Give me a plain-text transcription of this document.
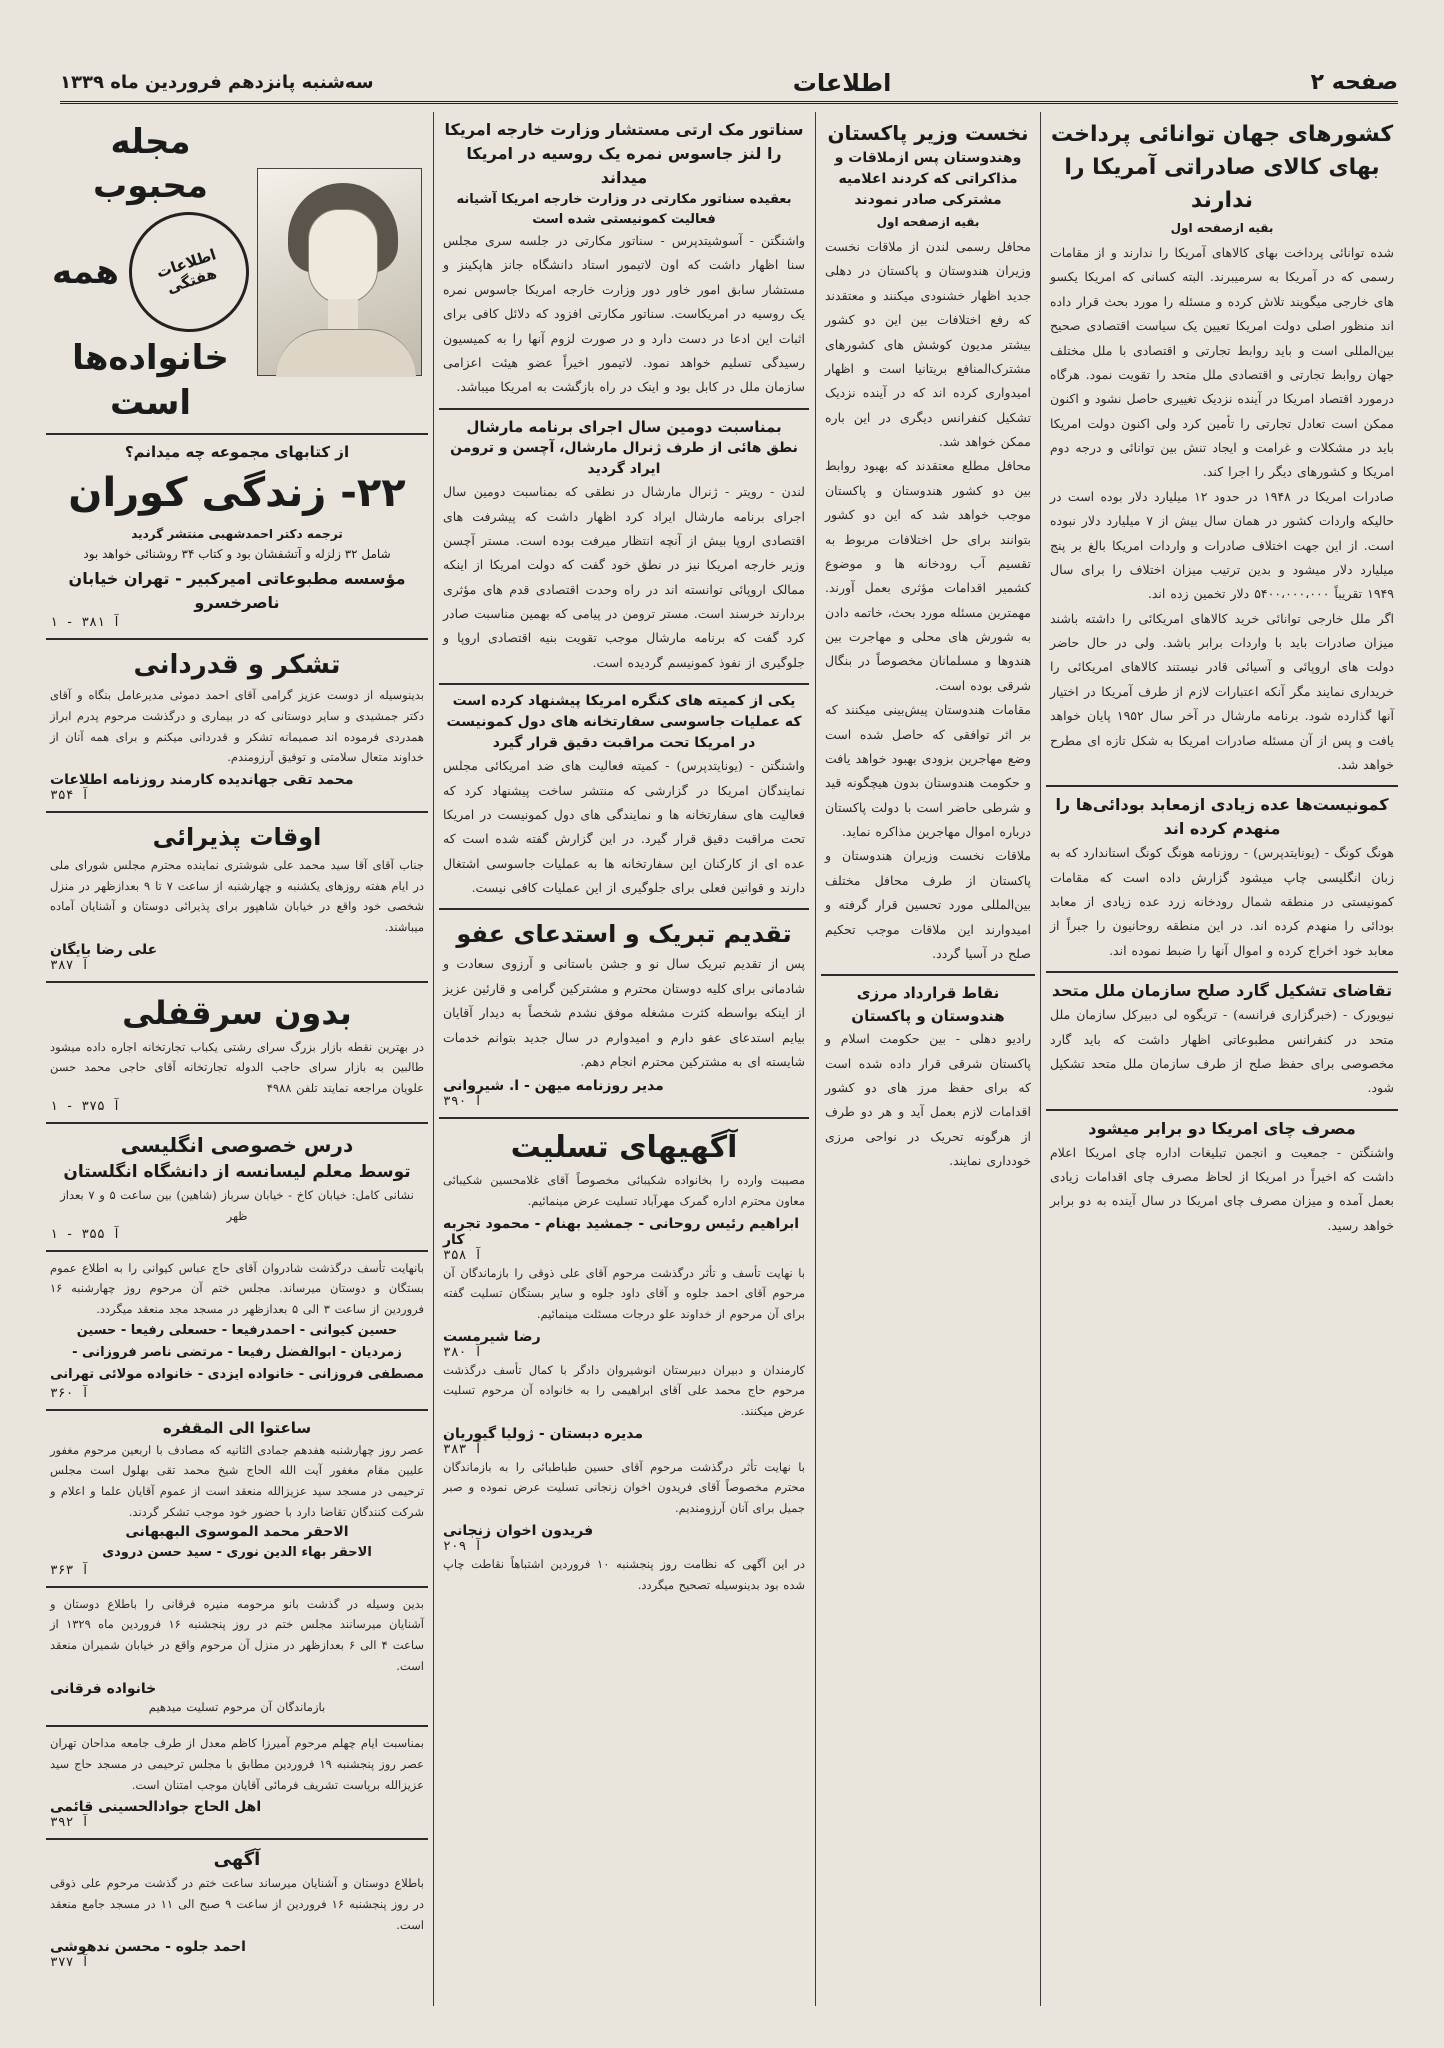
صفحه ۲
اطلاعات
سه‌شنبه پانزدهم فروردین ماه ۱۳۳۹
کشورهای جهان توانائی پرداخت بهای کالای صادراتی آمریکا را ندارند
بقیه ازصفحه اول

شده توانائی پرداخت بهای کالاهای آمریکا را ندارند و از مقامات رسمی که در آمریکا به ‌سرمیبرند. البته کسانی که امریکا یکسو های خارجی میگویند تلاش کرده و مسئله را مورد بحث قرار داده اند منظور اصلی دولت امریکا تعیین یک سیاست اقتصادی صحیح بین‌المللی است و باید روابط تجارتی و اقتصادی با ملل مختلف جهان روابط تجارتی و اقتصادی ملل متحد را تقویت نمود. هرگاه درمورد اقتصاد امریکا در آینده نزدیک تغییری حاصل نشود و اکنون ممکن است تعادل تجارتی را تأمین کرد ولی اکنون دولت امریکا باید در مشکلات و غرامت و ایجاد تنش بین توانائی و درجه دوم امریکا و کشورهای دیگر را اجرا کند.

صادرات امریکا در ۱۹۴۸ در حدود ۱۲ میلیارد دلار بوده است در حالیکه واردات کشور در همان سال بیش از ۷ میلیارد دلار نبوده است. از این جهت اختلاف صادرات و واردات امریکا بالغ بر پنج میلیارد دلار میشود و بدین ترتیب میزان اختلاف را برای سال ۱۹۴۹ تقریباً ۵۴۰۰،۰۰۰،۰۰۰ دلار تخمین زده اند.

اگر ملل خارجی توانائی خرید کالاهای امریکائی را داشته باشند میزان صادرات باید با واردات برابر باشد. ولی در حال حاضر دولت های اروپائی و آسیائی قادر نیستند کالاهای امریکائی را خریداری نمایند مگر آنکه اعتبارات لازم از طرف آمریکا در اختیار آنها گذارده شود. برنامه مارشال در آخر سال ۱۹۵۲ پایان خواهد یافت و پس از آن مسئله صادرات امریکا به شکل تازه ای مطرح خواهد شد.

کمونیست‌ها عده زیادی ازمعابد بودائی‌ها را منهدم کرده اند

هونگ کونگ - (یونایتدپرس) - روزنامه هونگ کونگ استاندارد که به زبان انگلیسی چاپ میشود گزارش داده است که مقامات کمونیستی در منطقه شمال رودخانه زرد عده زیادی از معابد بودائی را منهدم کرده اند. در این منطقه روحانیون را جبراً از معابد خود اخراج کرده و اموال آنها را ضبط نموده اند.

تقاضای تشکیل گارد صلح سازمان ملل متحد

نیویورک - (خبرگزاری فرانسه) - تریگوه لی دبیرکل سازمان ملل متحد در کنفرانس مطبوعاتی اظهار داشت که باید گارد مخصوصی برای حفظ صلح از طرف سازمان ملل متحد تشکیل شود.

مصرف چای امریکا دو برابر میشود

واشنگتن - جمعیت و انجمن تبلیغات اداره چای امریکا اعلام داشت که اخیراً در امریکا از لحاظ مصرف چای اقدامات زیادی بعمل آمده و میزان مصرف چای امریکا در سال آینده به دو برابر خواهد رسید.

نخست وزیر پاکستان
وهندوستان پس ازملاقات و مذاکراتی که کردند اعلامیه مشترکی صادر نمودند
بقیه ازصفحه اول

محافل رسمی لندن از ملاقات نخست وزیران هندوستان و پاکستان در دهلی جدید اظهار خشنودی میکنند و معتقدند که رفع اختلافات بین این دو کشور بیشتر مدیون کوشش های کشورهای مشترک‌المنافع بریتانیا است و اظهار امیدواری کرده اند که در آینده نزدیک تشکیل کنفرانس دیگری در این باره ممکن خواهد شد.

محافل مطلع معتقدند که بهبود روابط بین دو کشور هندوستان و پاکستان موجب خواهد شد که این دو کشور بتوانند برای حل اختلافات مربوط به تقسیم آب رودخانه ها و موضوع کشمیر اقدامات مؤثری بعمل آورند. مهمترین مسئله مورد بحث، خاتمه دادن به شورش های محلی و مهاجرت بین هندوها و مسلمانان مخصوصاً در بنگال شرقی بوده است.

مقامات هندوستان پیش‌بینی میکنند که بر اثر توافقی که حاصل شده است وضع مهاجرین بزودی بهبود خواهد یافت و حکومت هندوستان بدون هیچگونه قید و شرطی حاضر است با دولت پاکستان درباره اموال مهاجرین مذاکره نماید.

ملاقات نخست وزیران هندوستان و پاکستان از طرف محافل مختلف بین‌المللی مورد تحسین قرار گرفته و امیدوارند این ملاقات موجب تحکیم صلح در آسیا گردد.

نقاط قرارداد مرزی هندوستان و پاکستان

رادیو دهلی - بین حکومت اسلام و پاکستان شرقی قرار داده شده است که برای حفظ مرز های دو کشور اقدامات لازم بعمل آید و هر دو طرف از هرگونه تحریک در نواحی مرزی خودداری نمایند.

سناتور مک ارتی مستشار وزارت خارجه امریکا را لنز جاسوس نمره یک روسیه در امریکا میداند
بعقیده سناتور مکارتی در وزارت خارجه امریکا آشیانه فعالیت کمونیستی شده است

واشنگتن - آسوشیتدپرس - سناتور مکارتی در جلسه سری مجلس سنا اظهار داشت که اون لاتیمور استاد دانشگاه جانز هاپکینز و مستشار سابق امور خاور دور وزارت خارجه امریکا جاسوس نمره یک روسیه در امریکاست. سناتور مکارتی افزود که دلائل کافی برای اثبات این ادعا در دست دارد و در صورت لزوم آنها را به کمیسیون رسیدگی تسلیم خواهد نمود. لاتیمور اخیراً عضو هیئت اعزامی سازمان ملل در کابل بود و اینک در راه بازگشت به امریکا میباشد.

بمناسبت دومین سال اجرای برنامه مارشال
نطق هائی از طرف ژنرال مارشال، آچسن و ترومن ایراد گردید

لندن - رویتر - ژنرال مارشال در نطقی که بمناسبت دومین سال اجرای برنامه مارشال ایراد کرد اظهار داشت که پیشرفت های اقتصادی اروپا بیش از آنچه انتظار میرفت بوده است. مستر آچسن وزیر خارجه امریکا نیز در نطق خود گفت که دولت امریکا از اینکه ممالک اروپائی توانسته اند در راه وحدت اقتصادی قدم های مؤثری بردارند خرسند است. مستر ترومن در پیامی که بهمین مناسبت صادر کرد گفت که برنامه مارشال موجب تقویت بنیه اقتصادی اروپا و جلوگیری از نفوذ کمونیسم گردیده است.

یکی از کمیته های کنگره امریکا پیشنهاد کرده است که عملیات جاسوسی سفارتخانه های دول کمونیست در امریکا تحت مراقبت دقیق قرار گیرد

واشنگتن - (یونایتدپرس) - کمیته فعالیت های ضد امریکائی مجلس نمایندگان امریکا در گزارشی که منتشر ساخت پیشنهاد کرد که فعالیت های سفارتخانه ها و نمایندگی های دول کمونیست در امریکا تحت مراقبت دقیق قرار گیرد. در این گزارش گفته شده است که عده ای از کارکنان این سفارتخانه ها به عملیات جاسوسی اشتغال دارند و قوانین فعلی برای جلوگیری از این عملیات کافی نیست.

تقدیم تبریک و استدعای عفو

پس از تقدیم تبریک سال نو و جشن باستانی و آرزوی سعادت و شادمانی برای کلیه دوستان محترم و مشترکین گرامی و قارئین عزیز از اینکه بواسطه کثرت مشغله موفق نشدم شخصاً به دیدار آقایان بیایم استدعای عفو دارم و امیدوارم در سال جدید بتوانم خدمات شایسته ای به مشترکین محترم انجام دهم.

مدیر روزنامه میهن - ا. شیروانی
آ ۳۹۰
آگهیهای تسلیت

مصیبت وارده را بخانواده شکیبائی مخصوصاً آقای غلامحسین شکیبائی معاون محترم اداره گمرک مهرآباد تسلیت عرض مینمائیم.

ابراهیم رئیس روحانی - جمشید بهنام - محمود تجربه کار
آ ۳۵۸

با نهایت تأسف و تأثر درگذشت مرحوم آقای علی ذوقی را بازماندگان آن مرحوم آقای احمد جلوه و آقای داود جلوه و سایر بستگان تسلیت گفته برای آن مرحوم از خداوند علو درجات مسئلت مینمائیم.

رضا شیرمست
آ ۳۸۰

کارمندان و دبیران دبیرستان انوشیروان دادگر با کمال تأسف درگذشت مرحوم حاج محمد علی آقای ابراهیمی را به خانواده آن مرحوم تسلیت عرض میکنند.

مدیره دبستان - ژولیا گیوریان
آ ۳۸۳

با نهایت تأثر درگذشت مرحوم آقای حسین طباطبائی را به بازماندگان محترم مخصوصاً آقای فریدون اخوان زنجانی تسلیت عرض نموده و صبر جمیل برای آنان آرزومندیم.

فریدون اخوان زنجانی
آ ۲۰۹

در این آگهی که نظامت روز پنجشنبه ۱۰ فروردین اشتباهاً نقاطت چاپ شده بود بدینوسیله تصحیح میگردد.

مجله محبوب
اطلاعات هفتگی
همه
خانواده‌ها است
از کتابهای مجموعه چه میدانم؟
۲۲- زندگی کوران
ترجمه دکتر احمدشهبی منتشر گردید
شامل ۳۲ زلزله و آتشفشان بود و کتاب ۳۴ روشنائی خواهد بود
مؤسسه مطبوعاتی امیرکبیر - تهران خیابان ناصرخسرو
آ ۳۸۱ - ۱
تشکر و قدردانی

بدینوسیله از دوست عزیز گرامی آقای احمد دموئی مدیرعامل بنگاه و آقای دکتر جمشیدی و سایر دوستانی که در بیماری و درگذشت مرحوم پدرم ابراز همدردی فرموده اند صمیمانه تشکر و قدردانی میکنم و برای همه آنان از خداوند متعال سلامتی و توفیق آرزومندم.

محمد تقی جهاندیده کارمند روزنامه اطلاعات
آ ۳۵۴
اوقات پذیرائی

جناب آقای آقا سید محمد علی شوشتری نماینده محترم مجلس شورای ملی در ایام هفته روزهای یکشنبه و چهارشنبه از ساعت ۷ تا ۹ بعدازظهر در منزل شخصی خود واقع در خیابان شاهپور برای پذیرائی دوستان و آشنایان آماده میباشند.

علی رضا بایگان
آ ۳۸۷
بدون سرقفلی

در بهترین نقطه بازار بزرگ سرای رشتی یکباب تجارتخانه اجاره داده میشود طالبین به بازار سرای حاجب الدوله تجارتخانه آقای حاجی محمد حسن علویان مراجعه نمایند تلفن ۴۹۸۸

آ ۳۷۵ - ۱
درس خصوصی انگلیسی
توسط معلم لیسانسه از دانشگاه انگلستان

نشانی کامل: خیابان کاخ - خیابان سرباز (شاهین) بین ساعت ۵ و ۷ بعداز ظهر

آ ۳۵۵ - ۱

بانهایت تأسف درگذشت شادروان آقای حاج عباس کیوانی را به اطلاع عموم بستگان و دوستان میرساند. مجلس ختم آن مرحوم روز چهارشنبه ۱۶ فروردین از ساعت ۳ الی ۵ بعدازظهر در مسجد مجد منعقد میگردد.

حسین کیوانی - احمدرفیعا - حسعلی رفیعا - حسین زمردیان - ابوالفضل رفیعا - مرتضی ناصر فروزانی - مصطفی فروزانی - خانواده ایزدی - خانواده مولائی تهرانی
آ ۳۶۰
ساعتوا الی المقفره

عصر روز چهارشنبه هفدهم جمادی الثانیه که مصادف با اربعین مرحوم مغفور علیین مقام مغفور آیت الله الحاج شیخ محمد تقی بهلول است مجلس ترحیمی در مسجد سید عزیزالله منعقد است از عموم آقایان علما و اعلام و شرکت کنندگان تقاضا دارد با حضور خود موجب تشکر گردند.

الاحقر محمد الموسوی البهبهانی
الاحقر بهاء الدین نوری - سید حسن درودی
آ ۳۶۳

بدین وسیله در گذشت بانو مرحومه منیره فرقانی را باطلاع دوستان و آشنایان میرسانند مجلس ختم در روز پنجشنبه ۱۶ فروردین ماه ۱۳۲۹ از ساعت ۴ الی ۶ بعدازظهر در منزل آن مرحوم واقع در خیابان شمیران منعقد است.

خانواده فرقانی

بازماندگان آن مرحوم تسلیت میدهیم

بمناسبت ایام چهلم مرحوم آمیرزا کاظم معدل از طرف جامعه مداحان تهران عصر روز پنجشنبه ۱۹ فروردین مطابق با مجلس ترحیمی در مسجد حاج سید عزیزالله برپاست تشریف فرمائی آقایان موجب امتنان است.

اهل الحاج جوادالحسینی قائمی
آ ۳۹۲
آگهی

باطلاع دوستان و آشنایان میرساند ساعت ختم در گذشت مرحوم علی ذوقی در روز پنجشنبه ۱۶ فروردین از ساعت ۹ صبح الی ۱۱ در مسجد جامع منعقد است.

احمد جلوه - محسن ندهوشی
آ ۳۷۷
